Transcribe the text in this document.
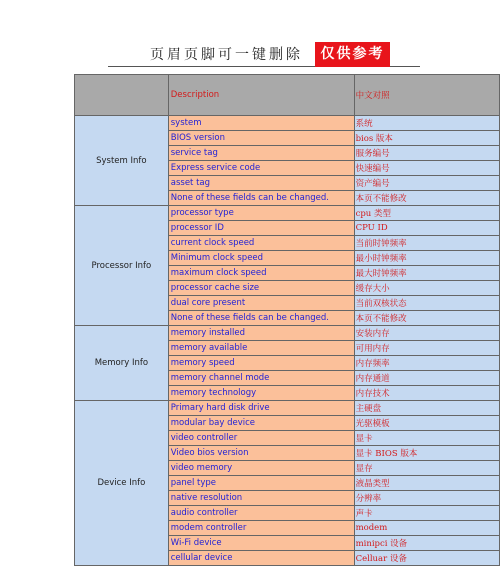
页眉页脚可一键删除	仅供参考
	Description	中文对照
System Info	system	系统
	BIOS version	bios 版本
	service tag	服务编号
	Express service code	快速编号
	asset tag	资产编号
	None of these fields can be changed.	本页不能修改
Processor Info	processor type	cpu 类型
	processor ID	CPU ID
	current clock speed	当前时钟频率
	Minimum clock speed	最小时钟频率
	maximum clock speed	最大时钟频率
	processor cache size	缓存大小
	dual core present	当前双核状态
	None of these fields can be changed.	本页不能修改
Memory Info	memory installed	安装内存
	memory available	可用内存
	memory speed	内存频率
	memory channel mode	内存通道
	memory technology	内存技术
Device Info	Primary hard disk drive	主硬盘
	modular bay device	光驱模板
	video controller	显卡
	Video bios version	显卡 BIOS 版本
	video memory	显存
	panel type	液晶类型
	native resolution	分辨率
	audio controller	声卡
	modem controller	modem
	Wi-Fi device	minipci 设备
	cellular device	Celluar 设备
